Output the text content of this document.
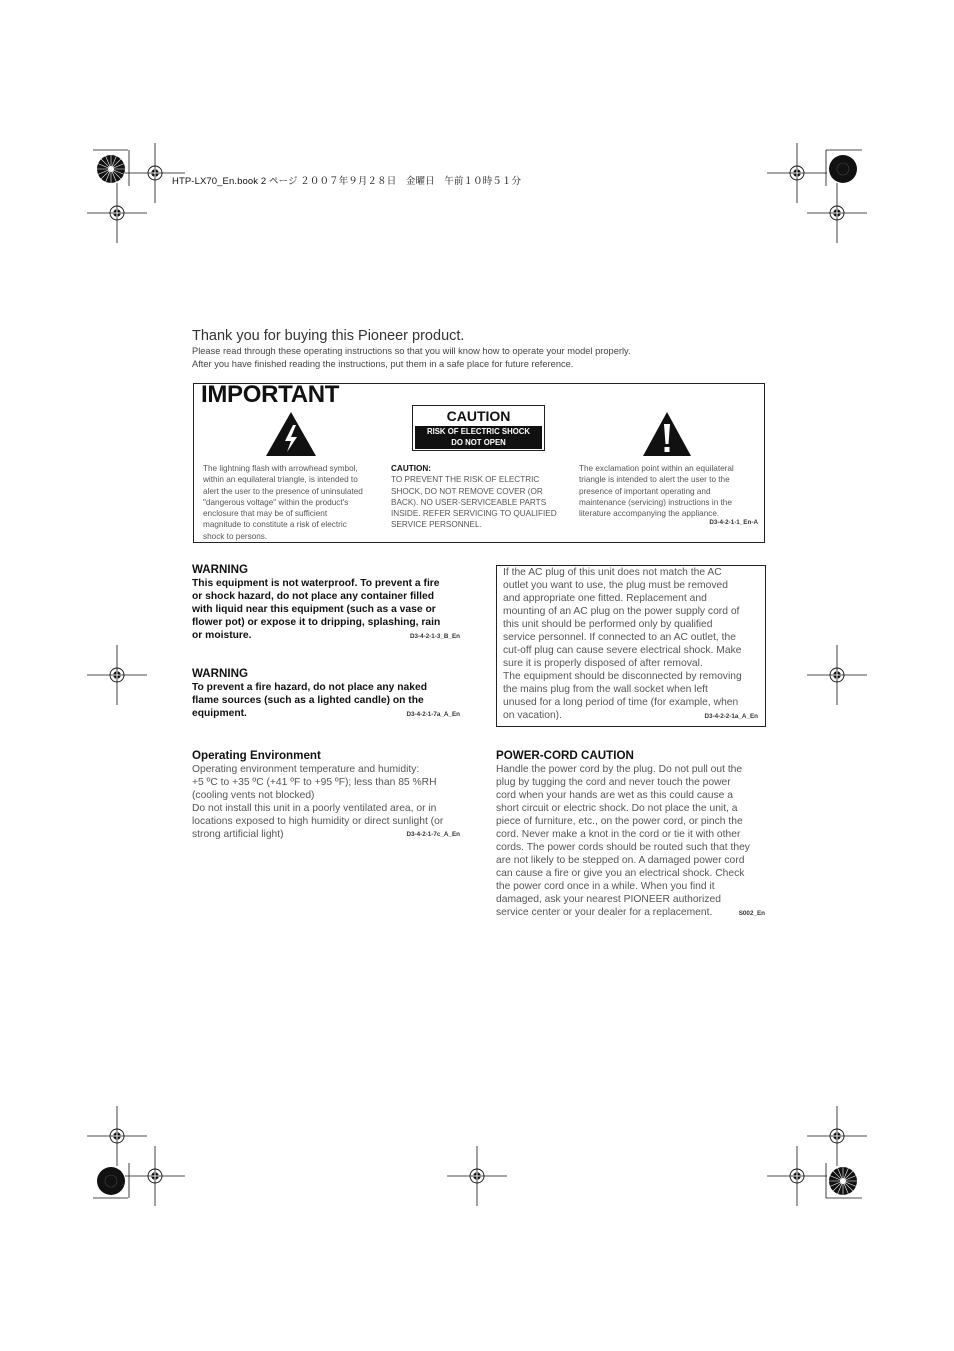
HTP-LX70_En.book 2 ページ ２００７年９月２８日　金曜日　午前１０時５１分
Thank you for buying this Pioneer product.
Please read through these operating instructions so that you will know how to operate your model properly.
After you have finished reading the instructions, put them in a safe place for future reference.
IMPORTANT
CAUTION
RISK OF ELECTRIC SHOCK
DO NOT OPEN
The lightning flash with arrowhead symbol,
within an equilateral triangle, is intended to
alert the user to the presence of uninsulated
"dangerous voltage" within the product's
enclosure that may be of sufficient
magnitude to constitute a risk of electric
shock to persons.
CAUTION:
TO PREVENT THE RISK OF ELECTRIC
SHOCK, DO NOT REMOVE COVER (OR
BACK). NO USER-SERVICEABLE PARTS
INSIDE. REFER SERVICING TO QUALIFIED
SERVICE PERSONNEL.
The exclamation point within an equilateral
triangle is intended to alert the user to the
presence of important operating and
maintenance (servicing) instructions in the
literature accompanying the appliance.
D3-4-2-1-1_En-A
WARNING
This equipment is not waterproof. To prevent a fire
or shock hazard, do not place any container filled
with liquid near this equipment (such as a vase or
flower pot) or expose it to dripping, splashing, rain
or moisture.	D3-4-2-1-3_B_En
WARNING
To prevent a fire hazard, do not place any naked
flame sources (such as a lighted candle) on the
equipment.	D3-4-2-1-7a_A_En
Operating Environment
Operating environment temperature and humidity:
+5 ºC to +35 ºC (+41 ºF to +95 ºF); less than 85 %RH
(cooling vents not blocked)
Do not install this unit in a poorly ventilated area, or in
locations exposed to high humidity or direct sunlight (or
strong artificial light)	D3-4-2-1-7c_A_En
If the AC plug of this unit does not match the AC
outlet you want to use, the plug must be removed
and appropriate one fitted. Replacement and
mounting of an AC plug on the power supply cord of
this unit should be performed only by qualified
service personnel. If connected to an AC outlet, the
cut-off plug can cause severe electrical shock. Make
sure it is properly disposed of after removal.
The equipment should be disconnected by removing
the mains plug from the wall socket when left
unused for a long period of time (for example, when
on vacation).	D3-4-2-2-1a_A_En
POWER-CORD CAUTION
Handle the power cord by the plug. Do not pull out the
plug by tugging the cord and never touch the power
cord when your hands are wet as this could cause a
short circuit or electric shock. Do not place the unit, a
piece of furniture, etc., on the power cord, or pinch the
cord. Never make a knot in the cord or tie it with other
cords. The power cords should be routed such that they
are not likely to be stepped on. A damaged power cord
can cause a fire or give you an electrical shock. Check
the power cord once in a while. When you find it
damaged, ask your nearest PIONEER authorized
service center or your dealer for a replacement.	S002_En
